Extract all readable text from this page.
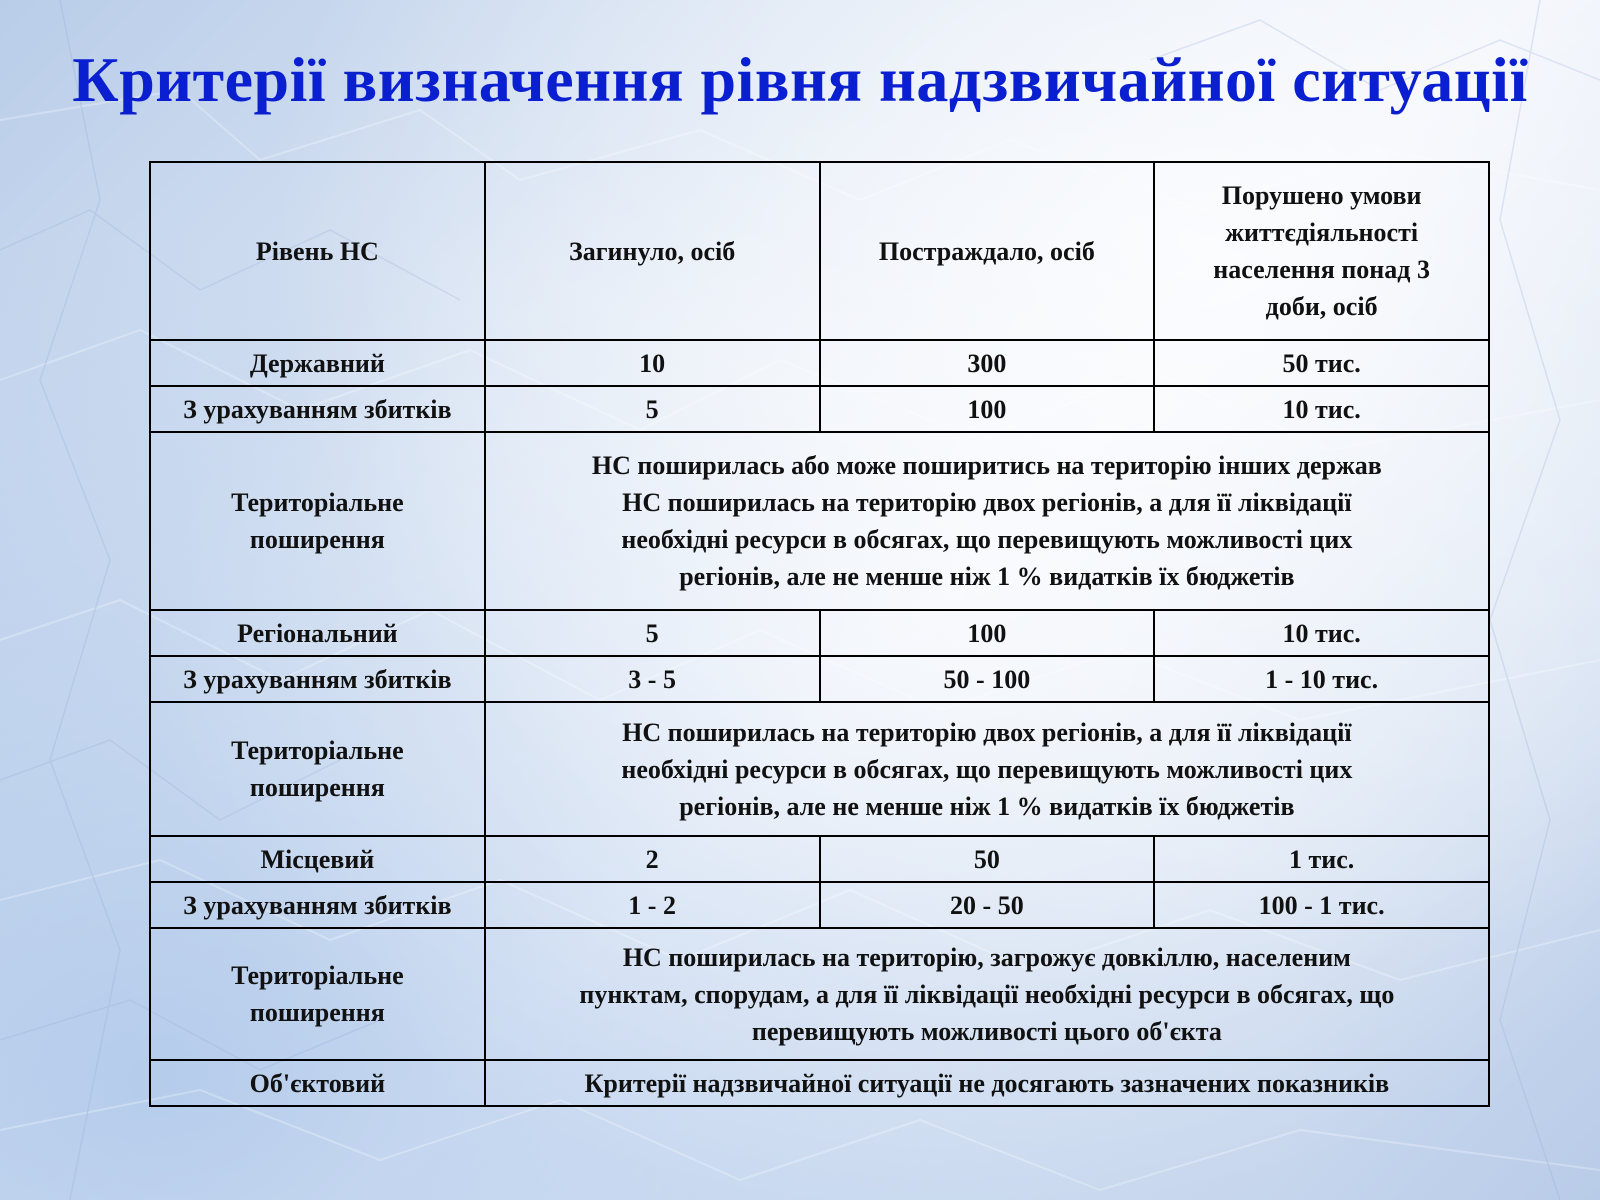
Критерії визначення рівня надзвичайної ситуації
Рівень НС	Загинуло, осіб	Постраждало, осіб	Порушено умови
життєдіяльності
населення понад 3
доби, осіб

Державний	10	300	50 тис.
З урахуванням збитків	5	100	10 тис.

Територіальне
поширення	НС поширилась або може поширитись на територію інших держав
НС поширилась на територію двох регіонів, а для її ліквідації
необхідні ресурси в обсягах, що перевищують можливості цих
регіонів, але не менше ніж 1 % видатків їх бюджетів		

Регіональний	5	100	10 тис.
З урахуванням збитків	3 - 5	50 - 100	1 - 10 тис.

Територіальне
поширення	НС поширилась на територію двох регіонів, а для її ліквідації
необхідні ресурси в обсягах, що перевищують можливості цих
регіонів, але не менше ніж 1 % видатків їх бюджетів		

Місцевий	2	50	1 тис.
З урахуванням збитків	1 - 2	20 - 50	100 - 1 тис.

Територіальне
поширення	НС поширилась на територію, загрожує довкіллю, населеним
пунктам, спорудам, а для її ліквідації необхідні ресурси в обсягах, що
перевищують можливості цього об'єкта		

Об'єктовий	Критерії надзвичайної ситуації не досягають зазначених показників		
